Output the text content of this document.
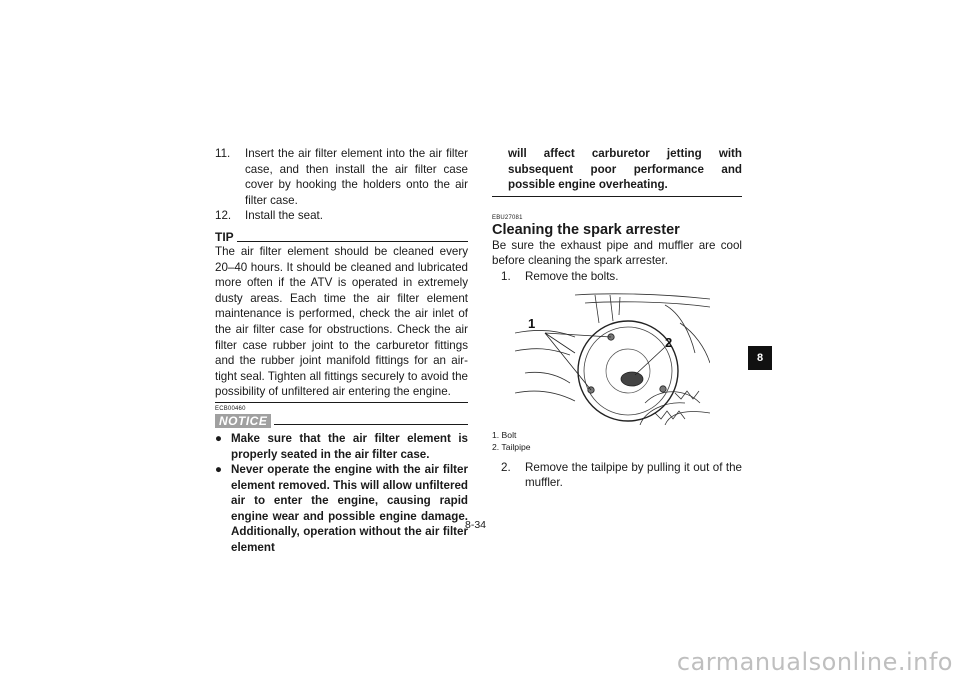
11. Insert the air filter element into the air filter case, and then install the air filter case cover by hooking the holders onto the air filter case.
12. Install the seat.
TIP
The air filter element should be cleaned every 20–40 hours. It should be cleaned and lubricated more often if the ATV is operated in extremely dusty areas. Each time the air filter element maintenance is performed, check the air inlet of the air filter case for obstructions. Check the air filter case rubber joint to the carburetor fittings and the rubber joint manifold fittings for an air-tight seal. Tighten all fittings securely to avoid the possibility of unfiltered air entering the engine.
ECB00460
NOTICE
● Make sure that the air filter element is properly seated in the air filter case.
● Never operate the engine with the air filter element removed. This will allow unfiltered air to enter the engine, causing rapid engine wear and possible engine damage. Additionally, operation without the air filter element
will affect carburetor jetting with subsequent poor performance and possible engine overheating.
EBU27081
Cleaning the spark arrester
Be sure the exhaust pipe and muffler are cool before cleaning the spark arrester.
1. Remove the bolts.
1
2
1. Bolt
2. Tailpipe
2. Remove the tailpipe by pulling it out of the muffler.
8-34
8
carmanualsonline.info
